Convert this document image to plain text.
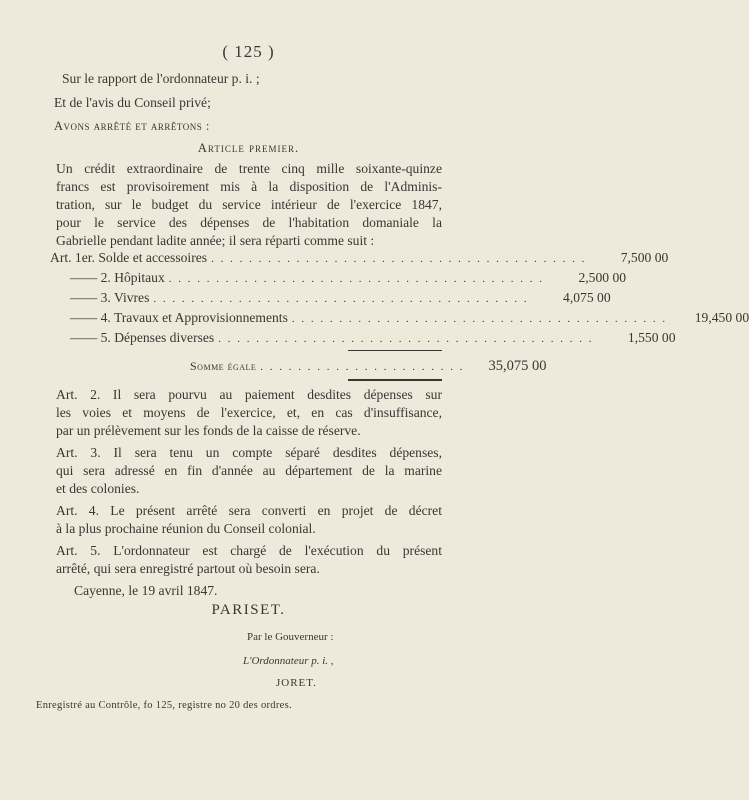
( 125 )
Sur le rapport de l'ordonnateur p. i. ;
Et de l'avis du Conseil privé;
Avons arrêté et arrêtons :
Article premier.
Un crédit extraordinaire de trente cinq mille soixante-quinze
francs est provisoirement mis à la disposition de l'Adminis-
tration, sur le budget du service intérieur de l'exercice 1847,
pour le service des dépenses de l'habitation domaniale la
Gabrielle pendant ladite année; il sera réparti comme suit :
Art. 1er. Solde et accessoires . . . . . . . . . . . . . . . . . . . . . . . . . . . . . . . . . . . . . . . .	7,500 00
—— 2. Hôpitaux . . . . . . . . . . . . . . . . . . . . . . . . . . . . . . . . . . . . . . . .	2,500 00
—— 3. Vivres . . . . . . . . . . . . . . . . . . . . . . . . . . . . . . . . . . . . . . . .	4,075 00
—— 4. Travaux et Approvisionnements . . . . . . . . . . . . . . . . . . . . . . . . . . . . . . . . . . . . . . . .	19,450 00
—— 5. Dépenses diverses . . . . . . . . . . . . . . . . . . . . . . . . . . . . . . . . . . . . . . . .	1,550 00
Somme égale . . . . . . . . . . . . . . . . . . . . . .	35,075 00
Art. 2. Il sera pourvu au paiement desdites dépenses sur
les voies et moyens de l'exercice, et, en cas d'insuffisance,
par un prélèvement sur les fonds de la caisse de réserve.
Art. 3. Il sera tenu un compte séparé desdites dépenses,
qui sera adressé en fin d'année au département de la marine
et des colonies.
Art. 4. Le présent arrêté sera converti en projet de décret
à la plus prochaine réunion du Conseil colonial.
Art. 5. L'ordonnateur est chargé de l'exécution du présent
arrêté, qui sera enregistré partout où besoin sera.
Cayenne, le 19 avril 1847.
PARISET.
Par le Gouverneur :
L'Ordonnateur p. i. ,
JORET.
Enregistré au Contrôle, fo 125, registre no 20 des ordres.
